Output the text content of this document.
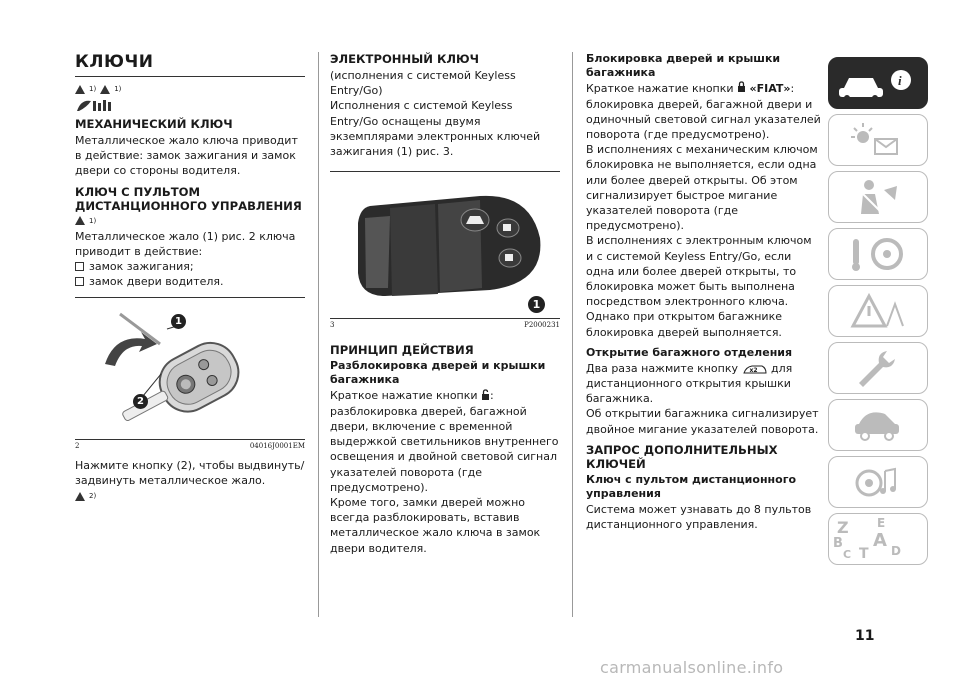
КЛЮЧИ
1)	1)
МЕХАНИЧЕСКИЙ КЛЮЧ

Металлическое жало ключа приводит в действие: замок зажигания и замок двери со стороны водителя.

КЛЮЧ С ПУЛЬТОМ ДИСТАНЦИОННОГО УПРАВЛЕНИЯ
1)

Металлическое жало (1) рис. 2 ключа приводит в действие:

замок зажигания;
замок двери водителя.
1
2
2	04016J0001EM

Нажмите кнопку (2), чтобы выдвинуть/задвинуть металлическое жало.

2)
ЭЛЕКТРОННЫЙ КЛЮЧ

(исполнения с системой Keyless Entry/Go)

Исполнения с системой Keyless Entry/Go оснащены двумя экземплярами электронных ключей зажигания (1) рис. 3.

1
3	P2000231
ПРИНЦИП ДЕЙСТВИЯ
Разблокировка дверей и крышки багажника

Краткое нажатие кнопки : разблокировка дверей, багажной двери, включение с временной выдержкой светильников внутреннего освещения и двойной световой сигнал указателей поворота (где предусмотрено).

Кроме того, замки дверей можно всегда разблокировать, вставив металлическое жало ключа в замок двери водителя.

Блокировка дверей и крышки багажника

Краткое нажатие кнопки «FIAT»: блокировка дверей, багажной двери и одиночный световой сигнал указателей поворота (где предусмотрено).

В исполнениях с механическим ключом блокировка не выполняется, если одна или более дверей открыты. Об этом сигнализирует быстрое мигание указателей поворота (где предусмотрено).

В исполнениях с электронным ключом и с системой Keyless Entry/Go, если одна или более дверей открыты, то блокировка может быть выполнена посредством электронного ключа.

Однако при открытом багажнике блокировка дверей выполняется.

Открытие багажного отделения

Два раза нажмите кнопку x2 для дистанционного открытия крышки багажника.

Об открытии багажника сигнализирует двойное мигание указателей поворота.

ЗАПРОС ДОПОЛНИТЕЛЬНЫХ КЛЮЧЕЙ
Ключ с пультом дистанционного управления

Система может узнавать до 8 пультов дистанционного управления.

i
Z E
B A
C T D
11
carmanualsonline.info
